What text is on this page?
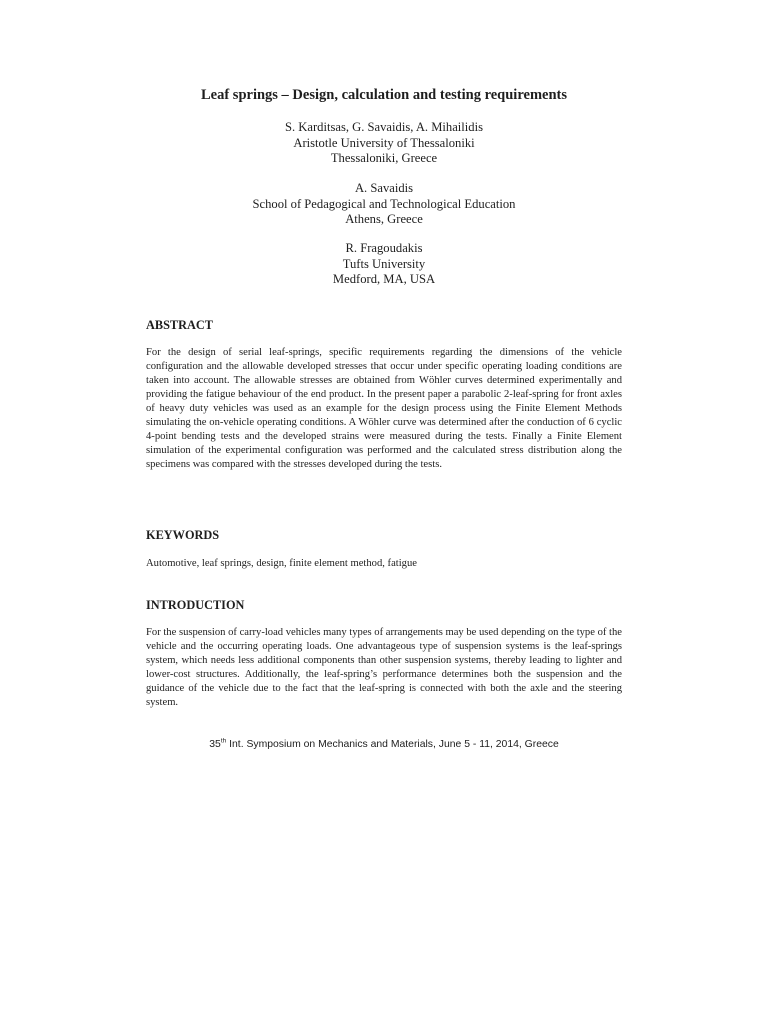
Leaf springs – Design, calculation and testing requirements
S. Karditsas, G. Savaidis, A. Mihailidis
Aristotle University of Thessaloniki
Thessaloniki, Greece
A. Savaidis
School of Pedagogical and Technological Education
Athens, Greece
R. Fragoudakis
Tufts University
Medford, MA, USA
ABSTRACT

For the design of serial leaf-springs, specific requirements regarding the dimensions of the vehicle configuration and the allowable developed stresses that occur under specific operating loading conditions are taken into account. The allowable stresses are obtained from Wöhler curves determined experimentally and providing the fatigue behaviour of the end product. In the present paper a parabolic 2-leaf-spring for front axles of heavy duty vehicles was used as an example for the design process using the Finite Element Methods simulating the on-vehicle operating conditions. A Wöhler curve was determined after the conduction of 6 cyclic 4-point bending tests and the developed strains were measured during the tests. Finally a Finite Element simulation of the experimental configuration was performed and the calculated stress distribution along the specimens was compared with the stresses developed during the tests.

KEYWORDS

Automotive, leaf springs, design, finite element method, fatigue

INTRODUCTION

For the suspension of carry-load vehicles many types of arrangements may be used depending on the type of the vehicle and the occurring operating loads. One advantageous type of suspension systems is the leaf-springs system, which needs less additional components than other suspension systems, thereby leading to lighter and lower-cost structures. Additionally, the leaf-spring’s performance determines both the suspension and the guidance of the vehicle due to the fact that the leaf-spring is connected with both the axle and the steering system.

35th Int. Symposium on Mechanics and Materials, June 5 - 11, 2014, Greece
